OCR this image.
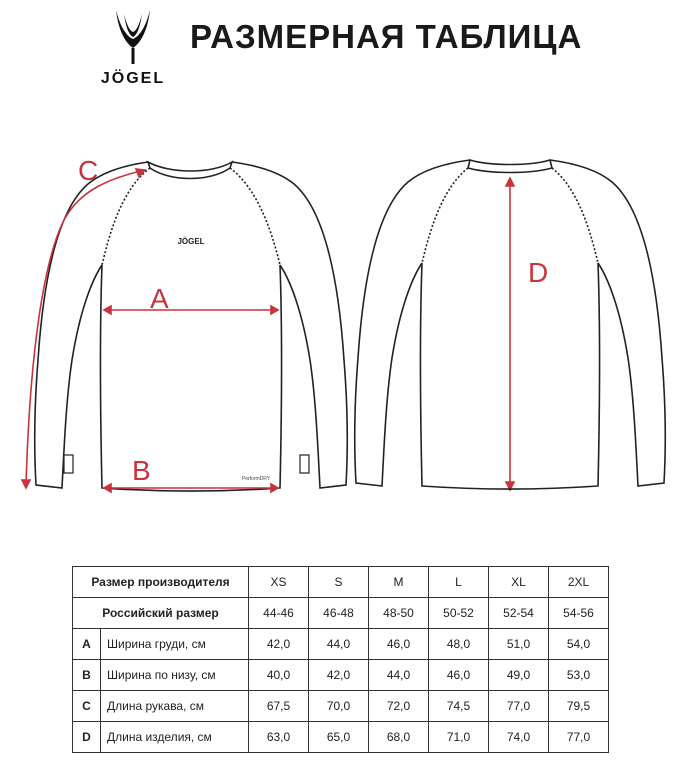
JÖGEL
РАЗМЕРНАЯ ТАБЛИЦА
JÖGEL
PerformDRY
A
B
C
D
Размер производителя		XS	S	M	L	XL	2XL
Российский размер		44-46	46-48	48-50	50-52	52-54	54-56
A	Ширина груди, см	42,0	44,0	46,0	48,0	51,0	54,0
B	Ширина по низу, см	40,0	42,0	44,0	46,0	49,0	53,0
C	Длина рукава, см	67,5	70,0	72,0	74,5	77,0	79,5
D	Длина изделия, см	63,0	65,0	68,0	71,0	74,0	77,0
